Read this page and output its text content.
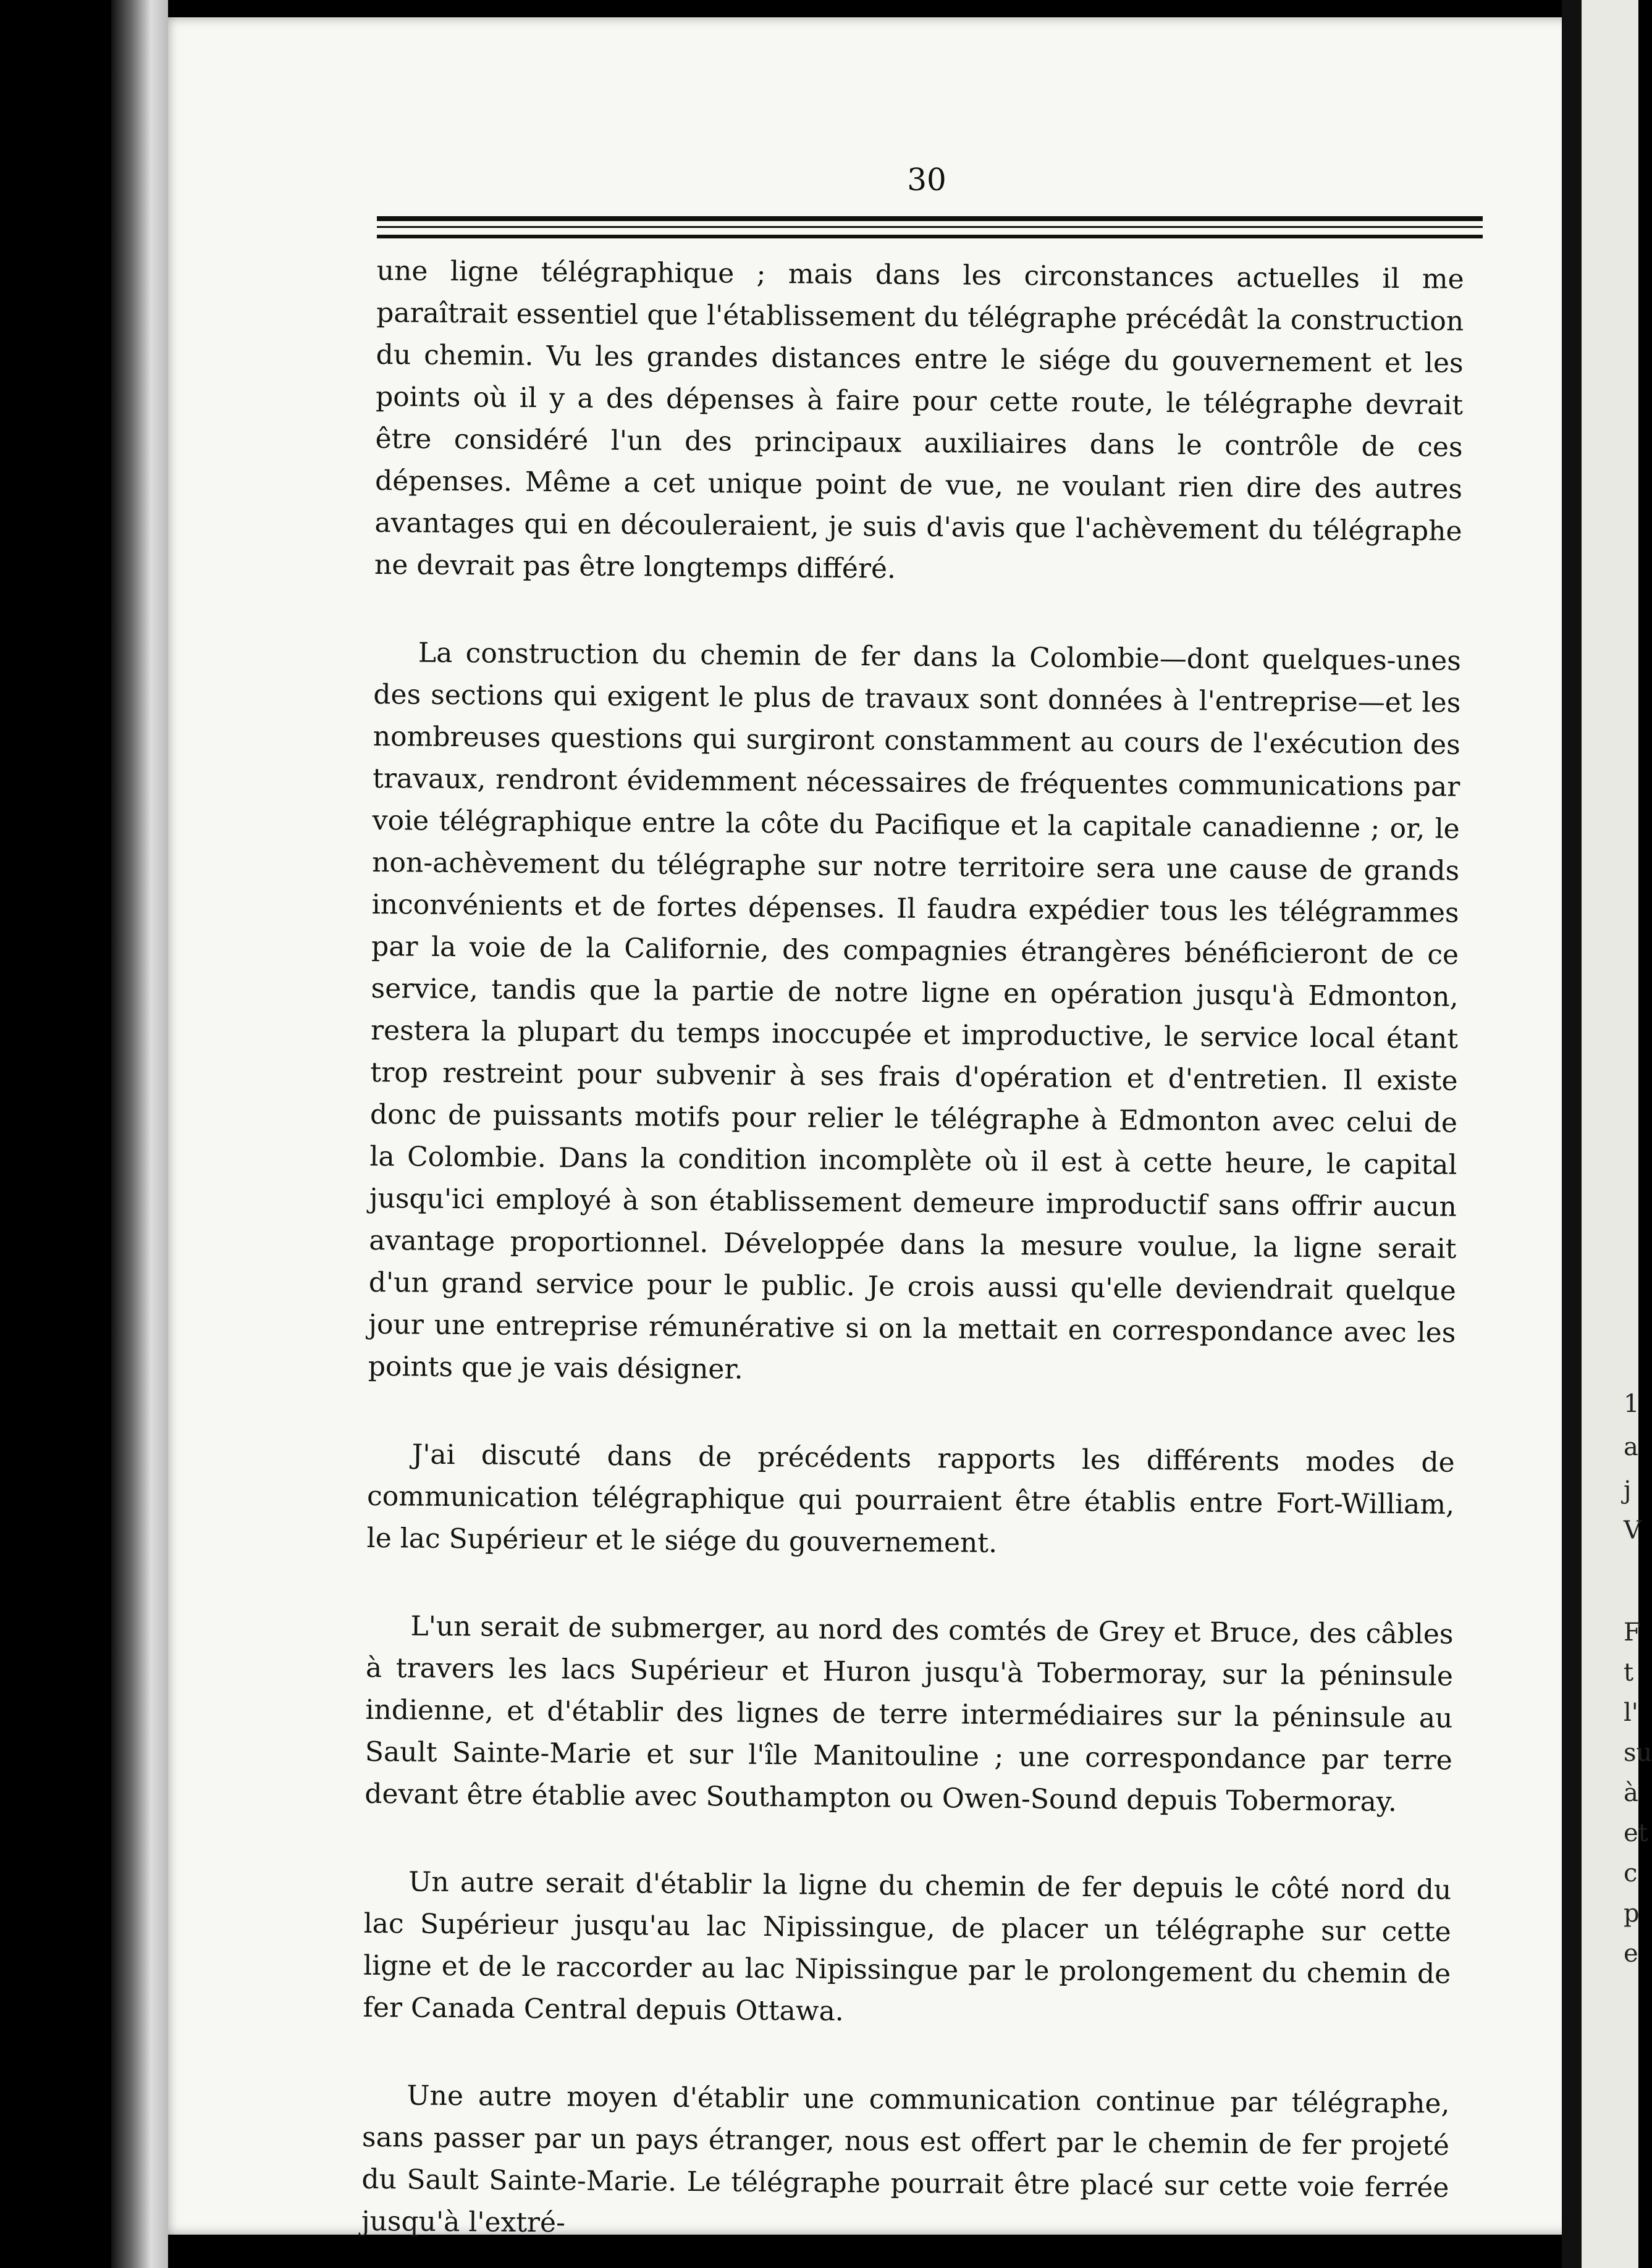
30

une ligne télégraphique ; mais dans les circonstances actuelles il me paraîtrait essentiel que l'établissement du télégraphe précédât la construction du chemin. Vu les grandes distances entre le siége du gouvernement et les points où il y a des dépenses à faire pour cette route, le télégraphe devrait être considéré l'un des principaux auxiliaires dans le contrôle de ces dépenses. Même a cet unique point de vue, ne voulant rien dire des autres avantages qui en découleraient, je suis d'avis que l'achèvement du télégraphe ne devrait pas être longtemps différé.

La construction du chemin de fer dans la Colombie—dont quelques-unes des sections qui exigent le plus de travaux sont données à l'entreprise—et les nombreuses questions qui surgiront constamment au cours de l'exécution des travaux, rendront évidemment nécessaires de fréquentes communications par voie télégraphique entre la côte du Pacifique et la capitale canadienne ; or, le non-achèvement du télégraphe sur notre territoire sera une cause de grands inconvénients et de fortes dépenses. Il faudra expédier tous les télégrammes par la voie de la Californie, des compagnies étrangères bénéficieront de ce service, tandis que la partie de notre ligne en opération jusqu'à Edmonton, restera la plupart du temps inoccupée et improductive, le service local étant trop restreint pour subvenir à ses frais d'opération et d'entretien. Il existe donc de puissants motifs pour relier le télégraphe à Edmonton avec celui de la Colombie. Dans la condition incomplète où il est à cette heure, le capital jusqu'ici employé à son établissement demeure improductif sans offrir aucun avantage proportionnel. Développée dans la mesure voulue, la ligne serait d'un grand service pour le public. Je crois aussi qu'elle deviendrait quelque jour une entreprise rémunérative si on la mettait en correspondance avec les points que je vais désigner.

J'ai discuté dans de précédents rapports les différents modes de communication télégraphique qui pourraient être établis entre Fort-William, le lac Supérieur et le siége du gouvernement.

L'un serait de submerger, au nord des comtés de Grey et Bruce, des câbles à travers les lacs Supérieur et Huron jusqu'à Tobermoray, sur la péninsule indienne, et d'établir des lignes de terre intermédiaires sur la péninsule au Sault Sainte-Marie et sur l'île Manitouline ; une correspondance par terre devant être établie avec Southampton ou Owen-Sound depuis Tobermoray.

Un autre serait d'établir la ligne du chemin de fer depuis le côté nord du lac Supérieur jusqu'au lac Nipissingue, de placer un télégraphe sur cette ligne et de le raccorder au lac Nipissingue par le prolongement du chemin de fer Canada Central depuis Ottawa.

Une autre moyen d'établir une communication continue par télégraphe, sans passer par un pays étranger, nous est offert par le chemin de fer projeté du Sault Sainte-Marie. Le télégraphe pourrait être placé sur cette voie ferrée jusqu'à l'extré-

1
a
j
V
F
t
l'
su
à
et
c
p
e
